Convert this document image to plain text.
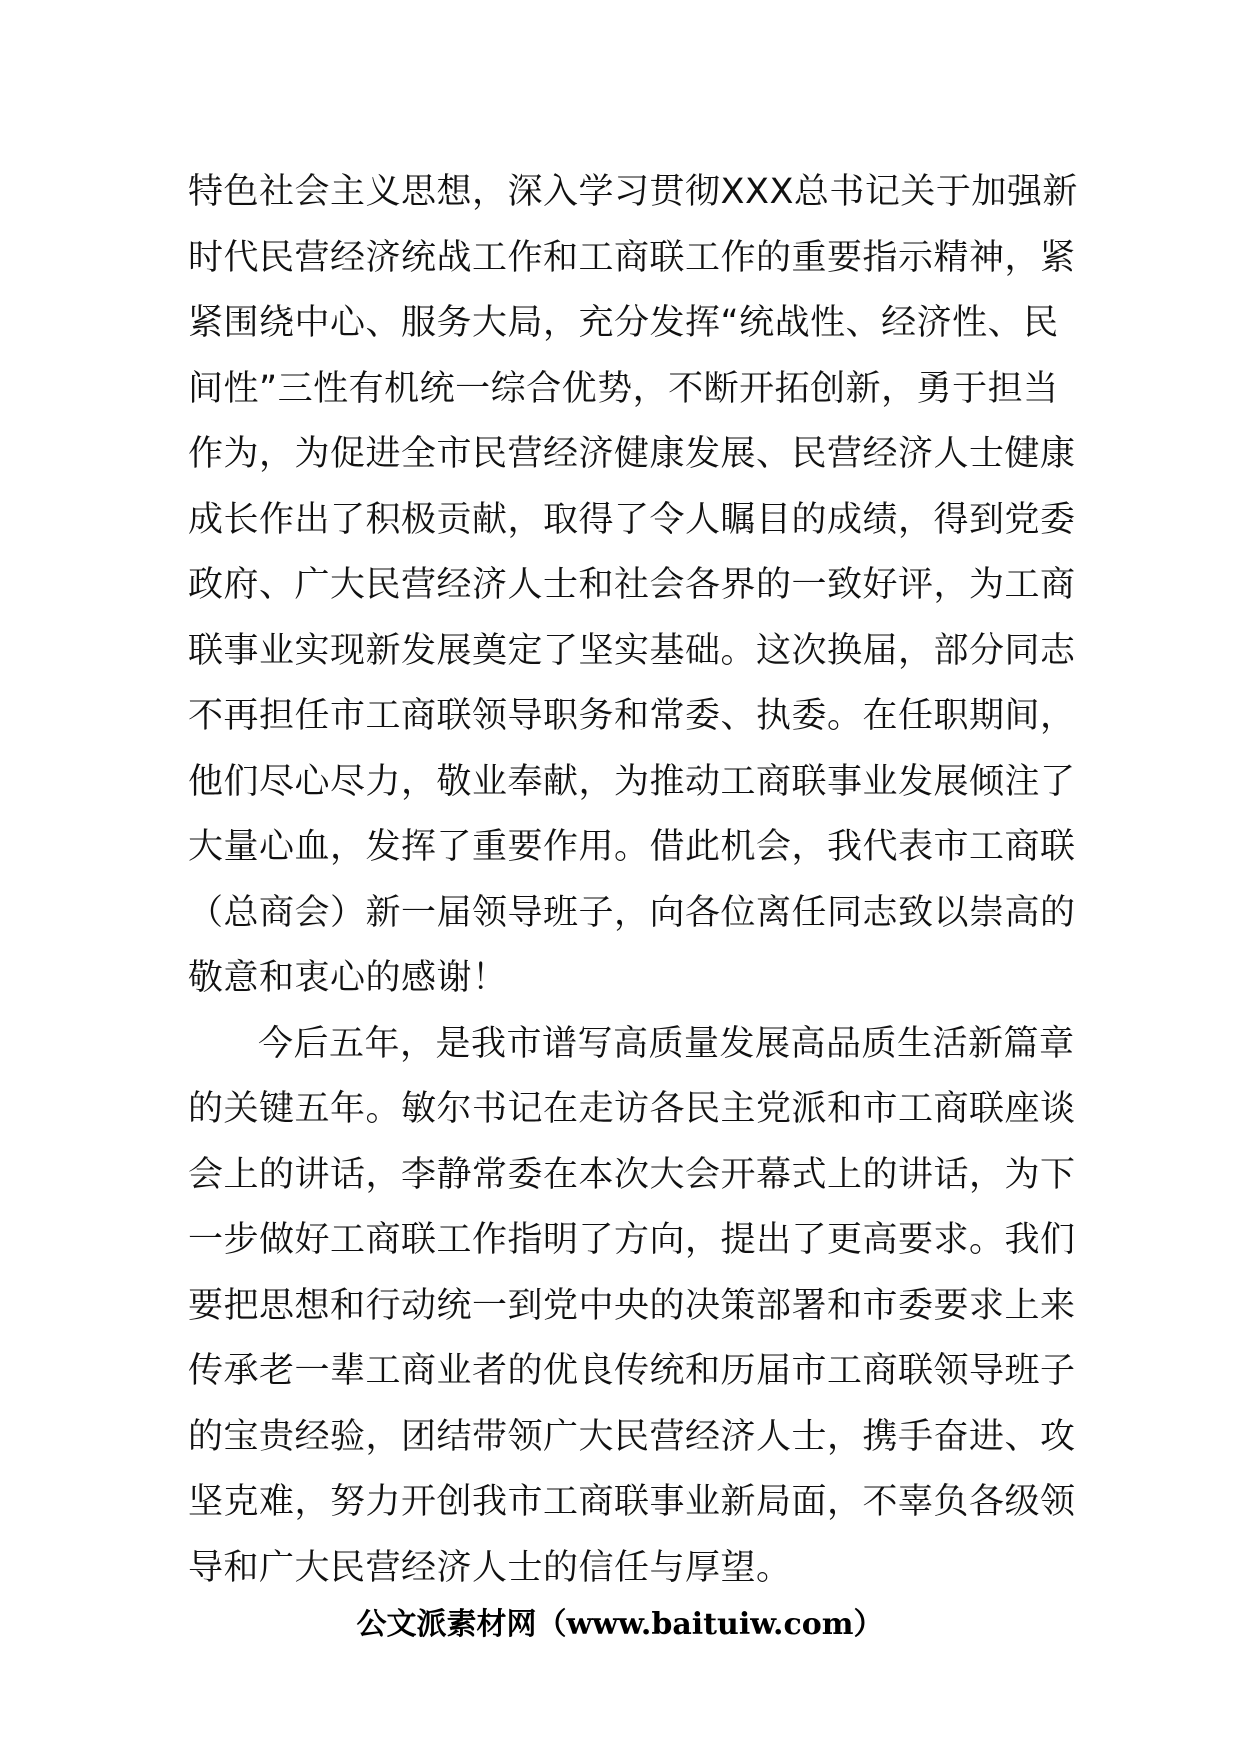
特色社会主义思想，深入学习贯彻XXX总书记关于加强新
时代民营经济统战工作和工商联工作的重要指示精神，紧
紧围绕中心、服务大局，充分发挥“统战性、经济性、民
间性”三性有机统一综合优势，不断开拓创新，勇于担当
作为，为促进全市民营经济健康发展、民营经济人士健康
成长作出了积极贡献，取得了令人瞩目的成绩，得到党委
政府、广大民营经济人士和社会各界的一致好评，为工商
联事业实现新发展奠定了坚实基础。这次换届，部分同志
不再担任市工商联领导职务和常委、执委。在任职期间，
他们尽心尽力，敬业奉献，为推动工商联事业发展倾注了
大量心血，发挥了重要作用。借此机会，我代表市工商联
（总商会）新一届领导班子，向各位离任同志致以崇高的
敬意和衷心的感谢！
今后五年，是我市谱写高质量发展高品质生活新篇章
的关键五年。敏尔书记在走访各民主党派和市工商联座谈
会上的讲话，李静常委在本次大会开幕式上的讲话，为下
一步做好工商联工作指明了方向，提出了更高要求。我们
要把思想和行动统一到党中央的决策部署和市委要求上来
传承老一辈工商业者的优良传统和历届市工商联领导班子
的宝贵经验，团结带领广大民营经济人士，携手奋进、攻
坚克难，努力开创我市工商联事业新局面，不辜负各级领
导和广大民营经济人士的信任与厚望。
公文派素材网（www.baituiw.com）
